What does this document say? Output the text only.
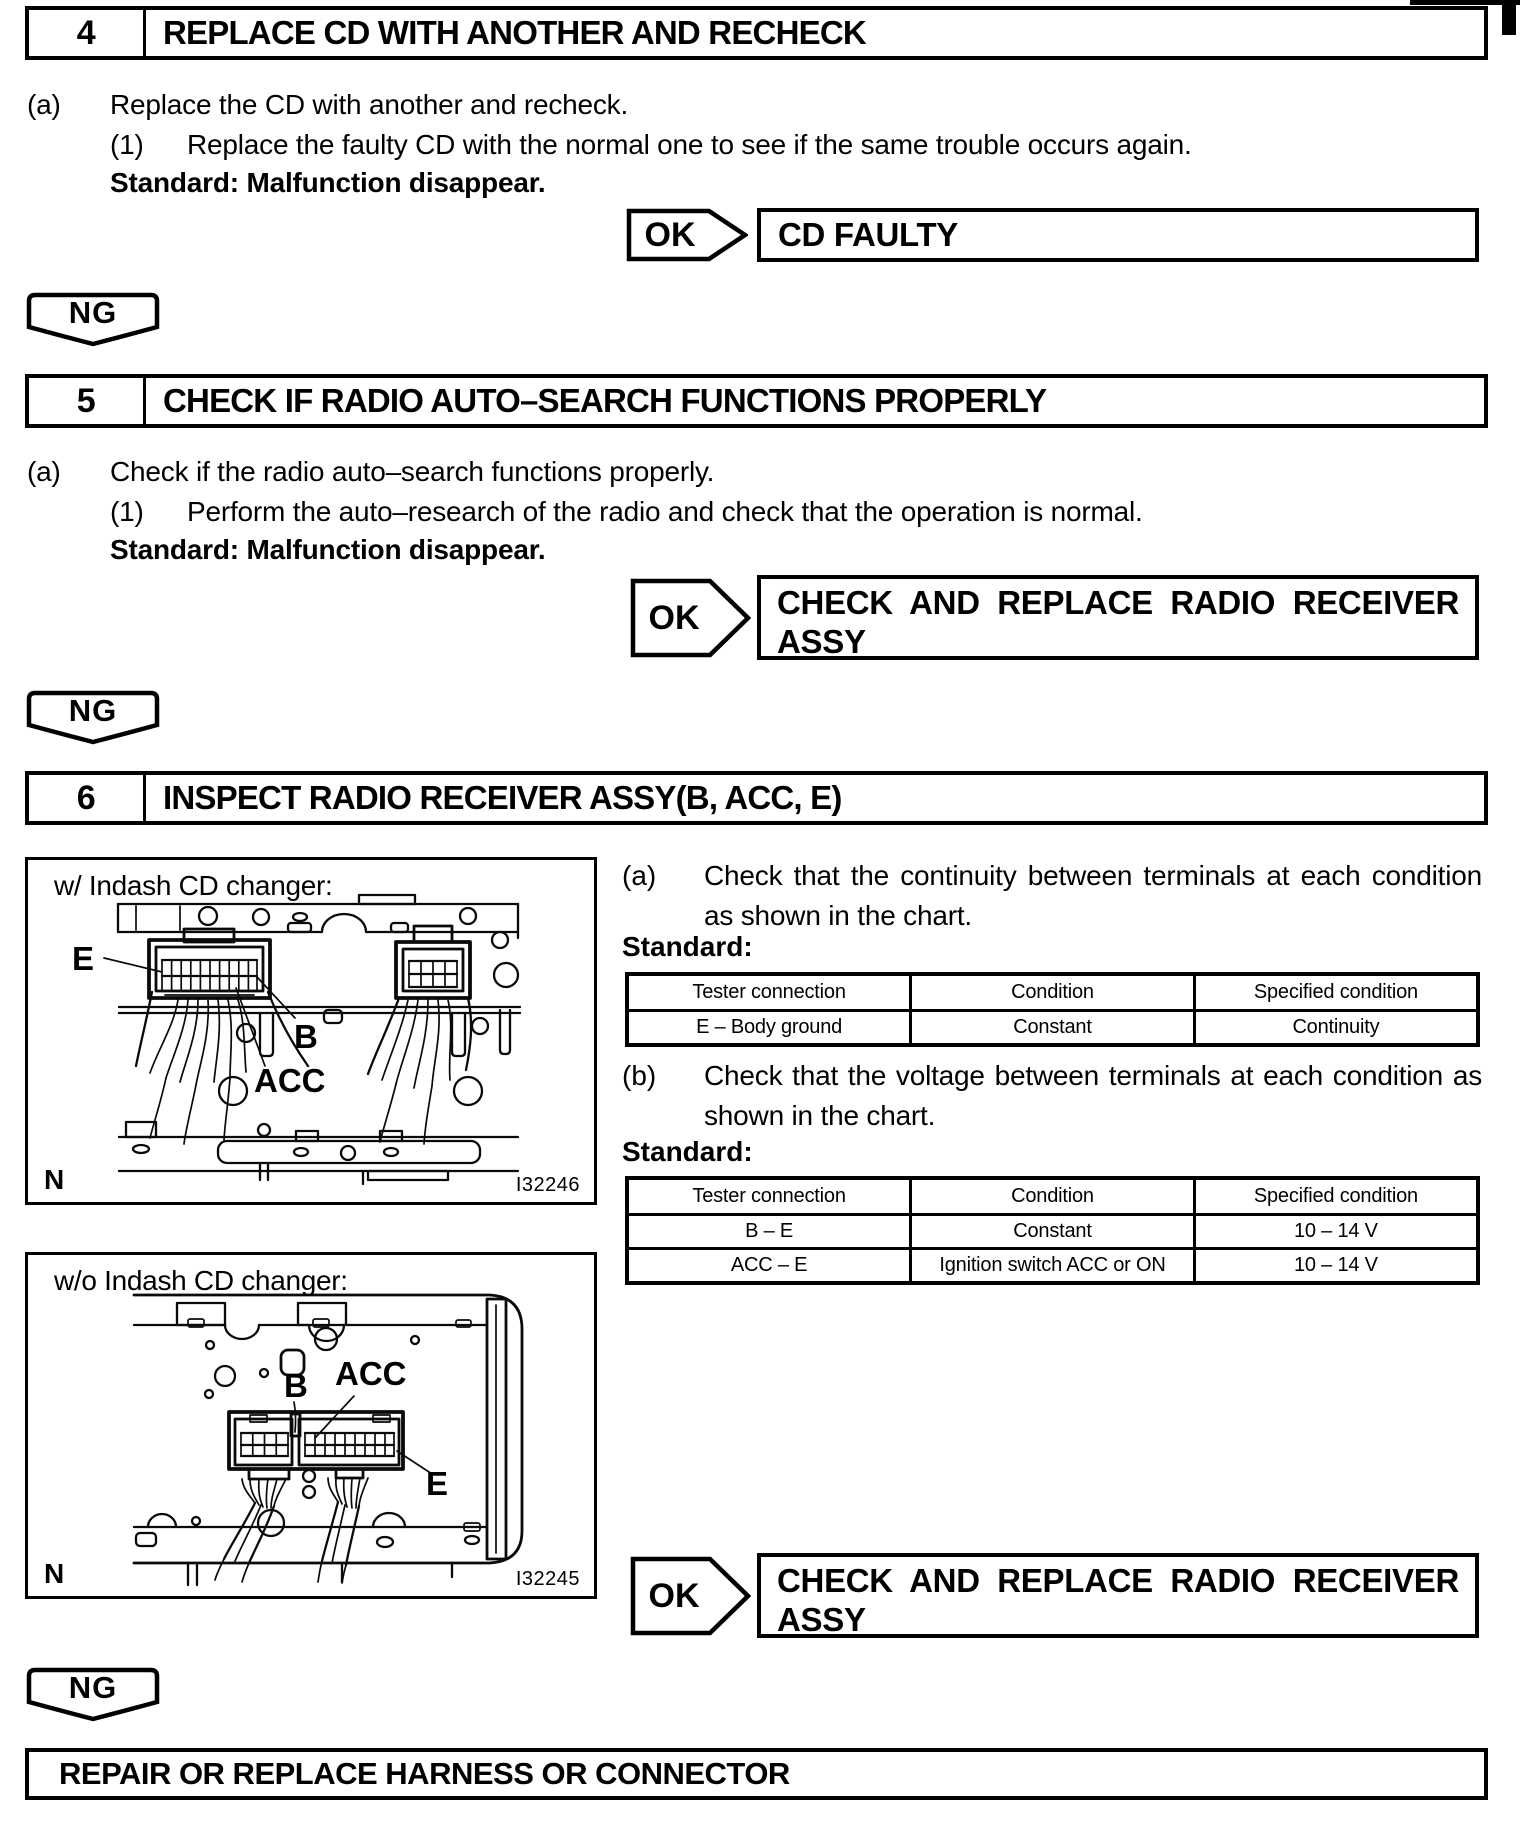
4	REPLACE CD WITH ANOTHER AND RECHECK
(a)	Replace the CD with another and recheck.
(1)	Replace the faulty CD with the normal one to see if the same trouble occurs again.
Standard: Malfunction disappear.
OK	CD FAULTY
NG
5	CHECK IF RADIO AUTO–SEARCH FUNCTIONS PROPERLY
(a)	Check if the radio auto–search functions properly.
(1)	Perform the auto–research of the radio and check that the operation is normal.
Standard: Malfunction disappear.
OK	CHECK AND REPLACE RADIO RECEIVER ASSY
NG
6	INSPECT RADIO RECEIVER ASSY(B, ACC, E)
w/ Indash CD changer:
E
B
ACC
N	I32246
(a)	Check that the continuity between terminals at each condition as shown in the chart.
Standard:
Tester connection	Condition	Specified condition
E – Body ground	Constant	Continuity
(b)	Check that the voltage between terminals at each condition as shown in the chart.
Standard:
Tester connection	Condition	Specified condition
B – E	Constant	10 – 14 V
ACC – E	Ignition switch ACC or ON	10 – 14 V
w/o Indash CD changer:
B ACC
E
N	I32245	OK	CHECK AND REPLACE RADIO RECEIVER ASSY
NG
REPAIR OR REPLACE HARNESS OR CONNECTOR
